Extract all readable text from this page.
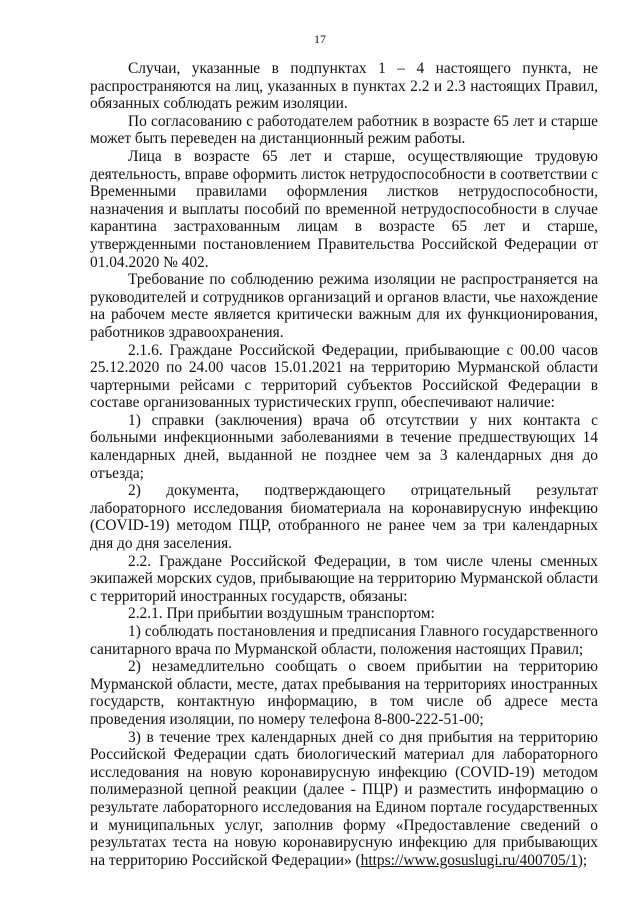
17

Случаи, указанные в подпунктах 1 – 4 настоящего пункта, не распространяются на лиц, указанных в пунктах 2.2 и 2.3 настоящих Правил, обязанных соблюдать режим изоляции.

По согласованию с работодателем работник в возрасте 65 лет и старше может быть переведен на дистанционный режим работы.

Лица в возрасте 65 лет и старше, осуществляющие трудовую деятельность, вправе оформить листок нетрудоспособности в соответствии с Временными правилами оформления листков нетрудоспособности, назначения и выплаты пособий по временной нетрудоспособности в случае карантина застрахованным лицам в возрасте 65 лет и старше, утвержденными постановлением Правительства Российской Федерации от 01.04.2020 № 402.

Требование по соблюдению режима изоляции не распространяется на руководителей и сотрудников организаций и органов власти, чье нахождение на рабочем месте является критически важным для их функционирования, работников здравоохранения.

2.1.6. Граждане Российской Федерации, прибывающие с 00.00 часов 25.12.2020 по 24.00 часов 15.01.2021 на территорию Мурманской области чартерными рейсами с территорий субъектов Российской Федерации в составе организованных туристических групп, обеспечивают наличие:

1) справки (заключения) врача об отсутствии у них контакта с больными инфекционными заболеваниями в течение предшествующих 14 календарных дней, выданной не позднее чем за 3 календарных дня до отъезда;

2) документа, подтверждающего отрицательный результат лабораторного исследования биоматериала на коронавирусную инфекцию (COVID-19) методом ПЦР, отобранного не ранее чем за три календарных дня до дня заселения.

2.2. Граждане Российской Федерации, в том числе члены сменных экипажей морских судов, прибывающие на территорию Мурманской области с территорий иностранных государств, обязаны:

2.2.1. При прибытии воздушным транспортом:

1) соблюдать постановления и предписания Главного государственного санитарного врача по Мурманской области, положения настоящих Правил;

2) незамедлительно сообщать о своем прибытии на территорию Мурманской области, месте, датах пребывания на территориях иностранных государств, контактную информацию, в том числе об адресе места проведения изоляции, по номеру телефона 8-800-222-51-00;

3) в течение трех календарных дней со дня прибытия на территорию Российской Федерации сдать биологический материал для лабораторного исследования на новую коронавирусную инфекцию (COVID-19) методом полимеразной цепной реакции (далее - ПЦР) и разместить информацию о результате лабораторного исследования на Едином портале государственных и муниципальных услуг, заполнив форму «Предоставление сведений о результатах теста на новую коронавирусную инфекцию для прибывающих на территорию Российской Федерации» (https://www.gosuslugi.ru/400705/1);
